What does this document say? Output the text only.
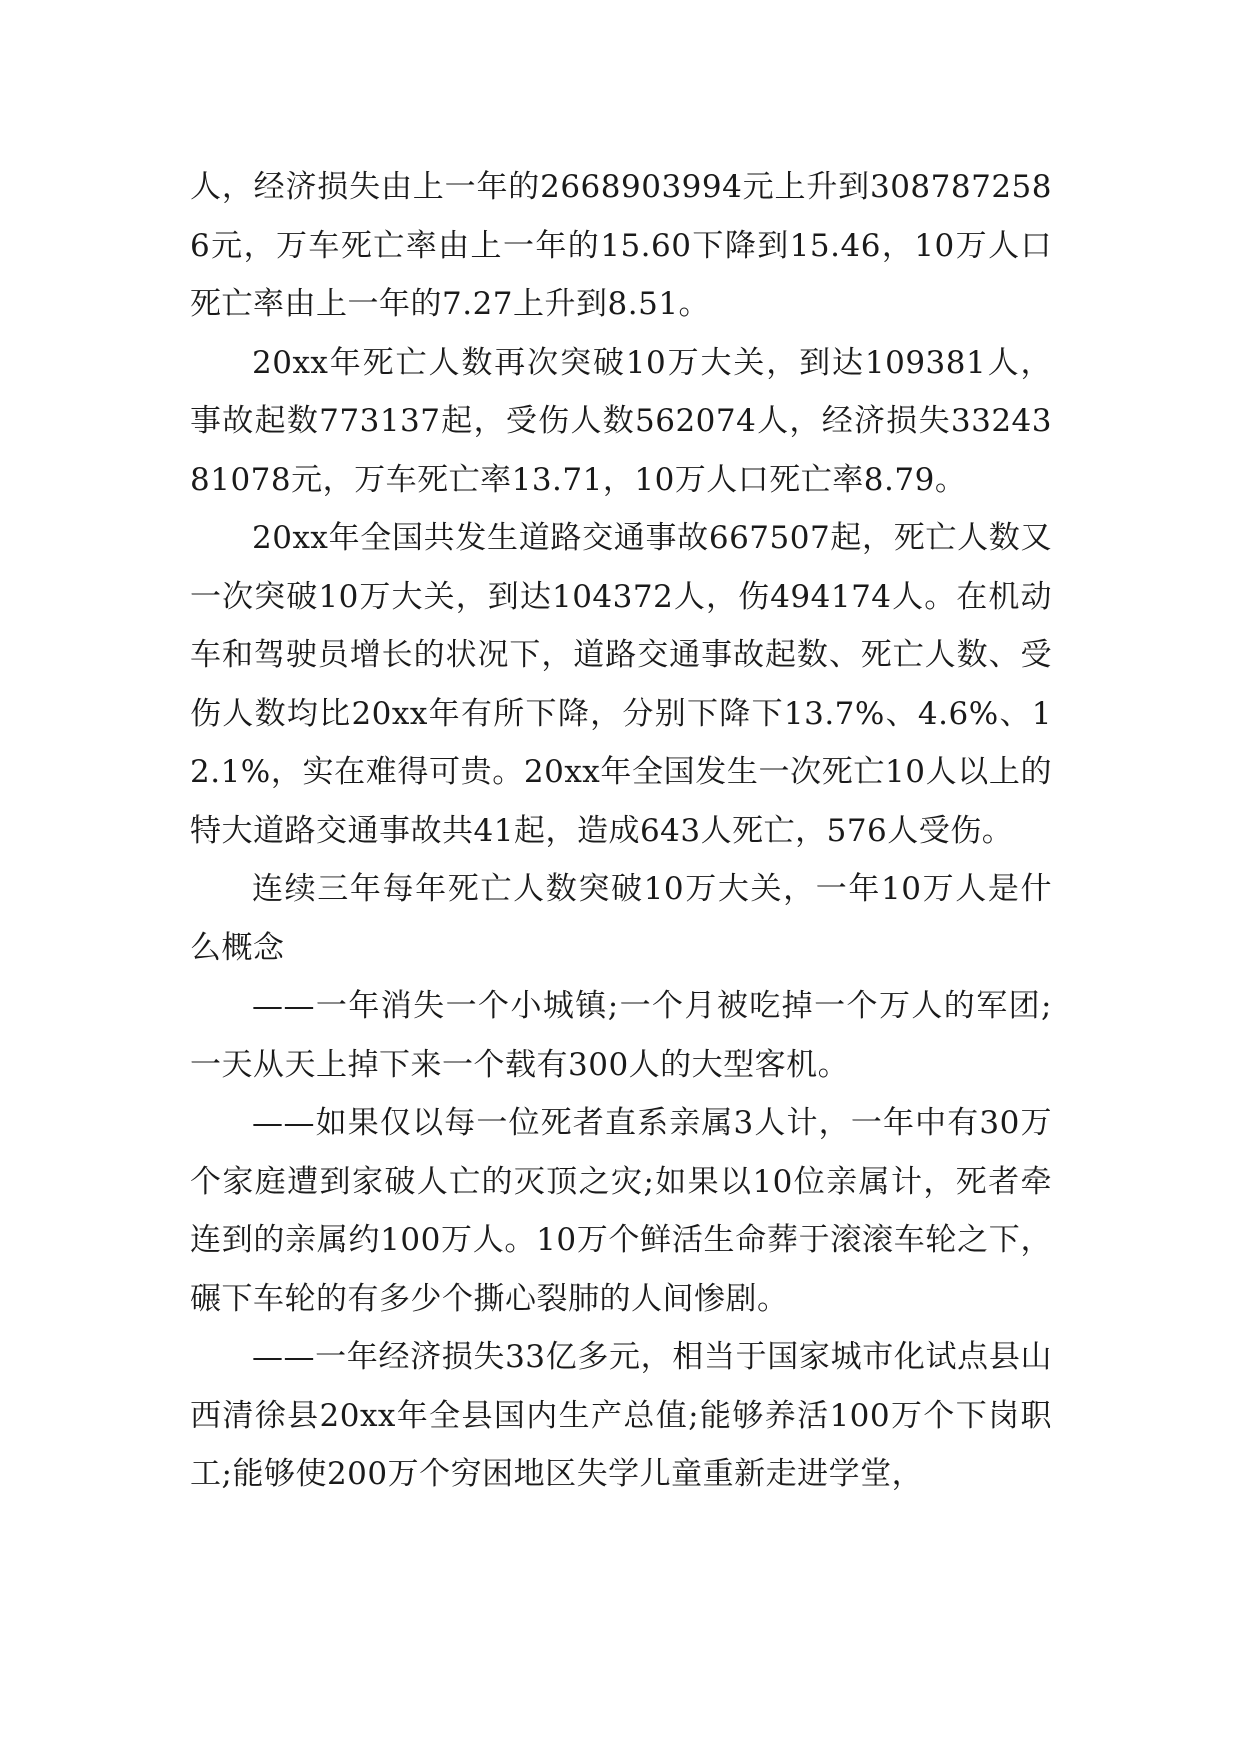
人，经济损失由上一年的2668903994元上升到3087872586元，万车死亡率由上一年的15.60下降到15.46，10万人口死亡率由上一年的7.27上升到8.51。

20xx年死亡人数再次突破10万大关，到达109381人，事故起数773137起，受伤人数562074人，经济损失3324381078元，万车死亡率13.71，10万人口死亡率8.79。

20xx年全国共发生道路交通事故667507起，死亡人数又一次突破10万大关，到达104372人，伤494174人。在机动车和驾驶员增长的状况下，道路交通事故起数、死亡人数、受伤人数均比20xx年有所下降，分别下降下13.7%、4.6%、12.1%，实在难得可贵。20xx年全国发生一次死亡10人以上的特大道路交通事故共41起，造成643人死亡，576人受伤。

连续三年每年死亡人数突破10万大关，一年10万人是什么概念

——一年消失一个小城镇;一个月被吃掉一个万人的军团;一天从天上掉下来一个载有300人的大型客机。

——如果仅以每一位死者直系亲属3人计，一年中有30万个家庭遭到家破人亡的灭顶之灾;如果以10位亲属计，死者牵连到的亲属约100万人。10万个鲜活生命葬于滚滚车轮之下，碾下车轮的有多少个撕心裂肺的人间惨剧。

——一年经济损失33亿多元，相当于国家城市化试点县山西清徐县20xx年全县国内生产总值;能够养活100万个下岗职工;能够使200万个穷困地区失学儿童重新走进学堂，
